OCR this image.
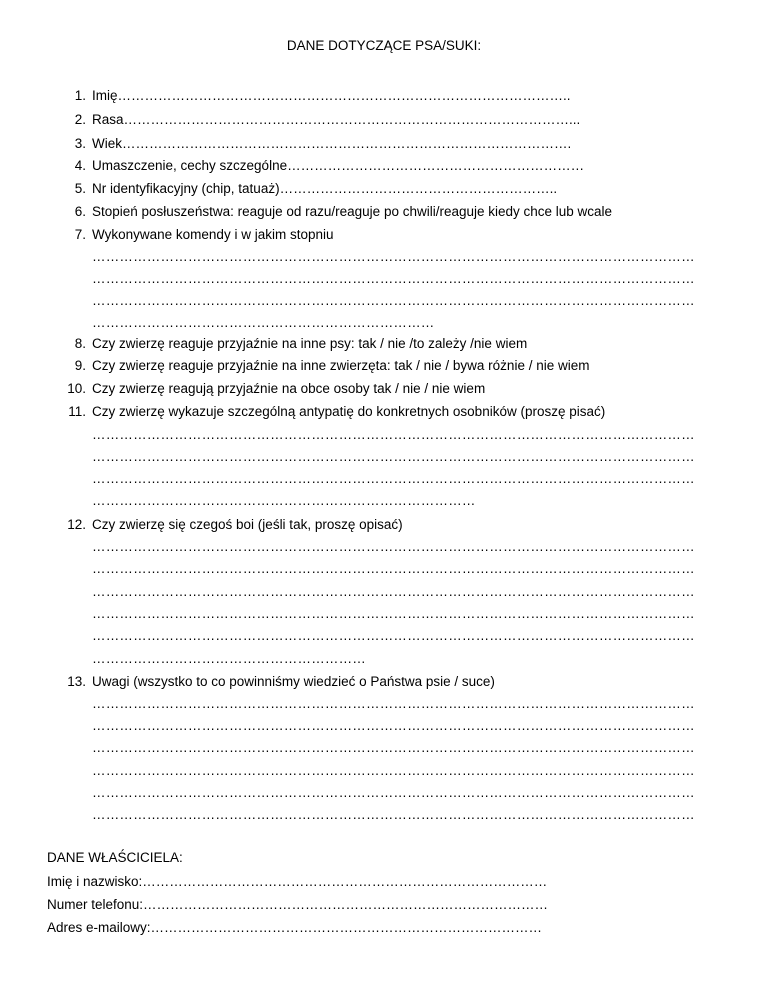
DANE DOTYCZĄCE PSA/SUKI:
1. Imię………………………………………………………………………………………..
2. Rasa………………………………………………………………………………………...
3. Wiek……………………………………………………………………………………….
4. Umaszczenie, cechy szczególne…………………………………………………………
5. Nr identyfikacyjny (chip, tatuaż)……………………………………………………..
6. Stopień posłuszeństwa: reaguje od razu/reaguje po chwili/reaguje kiedy chce lub wcale
7. Wykonywane komendy i w jakim stopniu
8. Czy zwierzę reaguje przyjaźnie na inne psy: tak / nie /to zależy /nie wiem
9. Czy zwierzę reaguje przyjaźnie na inne zwierzęta: tak / nie / bywa różnie / nie wiem
10. Czy zwierzę reagują przyjaźnie na obce osoby tak / nie / nie wiem
11. Czy zwierzę wykazuje szczególną antypatię do konkretnych osobników (proszę pisać)
12. Czy zwierzę się czegoś boi (jeśli tak, proszę opisać)
13. Uwagi (wszystko to co powinniśmy wiedzieć o Państwa psie / suce)
……………………………………………………………………………………………………………………
……………………………………………………………………………………………………………………
……………………………………………………………………………………………………………………
…………………………………………………………………
……………………………………………………………………………………………………………………
……………………………………………………………………………………………………………………
……………………………………………………………………………………………………………………
…………………………………………………………………………
……………………………………………………………………………………………………………………
……………………………………………………………………………………………………………………
……………………………………………………………………………………………………………………
……………………………………………………………………………………………………………………
……………………………………………………………………………………………………………………
……………………………………………………
……………………………………………………………………………………………………………………
……………………………………………………………………………………………………………………
……………………………………………………………………………………………………………………
……………………………………………………………………………………………………………………
……………………………………………………………………………………………………………………
……………………………………………………………………………………………………………………
DANE WŁAŚCICIELA:
Imię i nazwisko:………………………………………………………………………………
Numer telefonu:………………………………………………………………………………
Adres e-mailowy:……………………………………………………………………………
